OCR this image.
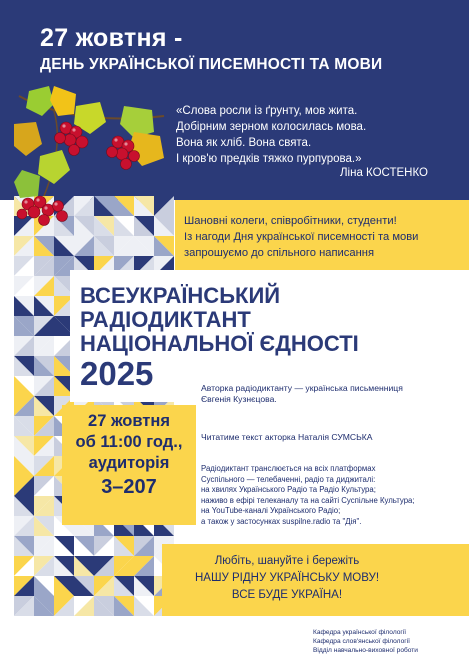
27 жовтня -
ДЕНЬ УКРАЇНСЬКОЇ ПИСЕМНОСТІ ТА МОВИ
«Слова росли із ґрунту, мов жита.
Добірним зерном колосилась мова.
Вона як хліб. Вона свята.
І кров'ю предків тяжко пурпурова.»
Ліна КОСТЕНКО
Шановні колеги, співробітники, студенти!
Із нагоди Дня української писемності та мови
запрошуємо до спільного написання
ВСЕУКРАЇНСЬКИЙ
РАДІОДИКТАНТ
НАЦІОНАЛЬНОЇ ЄДНОСТІ
2025
27 жовтня
об 11:00 год.,
аудиторія
3–207
Авторка радіодиктанту — українська письменниця
Євгенія Кузнєцова.
Читатиме текст акторка Наталія СУМСЬКА
Радіодиктант транслюється на всіх платформах
Суспільного — телебаченні, радіо та диджиталі:
на хвилях Українського Радіо та Радіо Культура;
наживо в ефірі телеканалу та на сайті Суспільне Культура;
на YouTube-каналі Українського Радіо;
а також у застосунках suspilne.radio та "Дія".
Любіть, шануйте і бережіть
НАШУ РІДНУ УКРАЇНСЬКУ МОВУ!
ВСЕ БУДЕ УКРАЇНА!
Кафедра української філології
Кафедра слов'янської філології
Відділ навчально-виховної роботи
